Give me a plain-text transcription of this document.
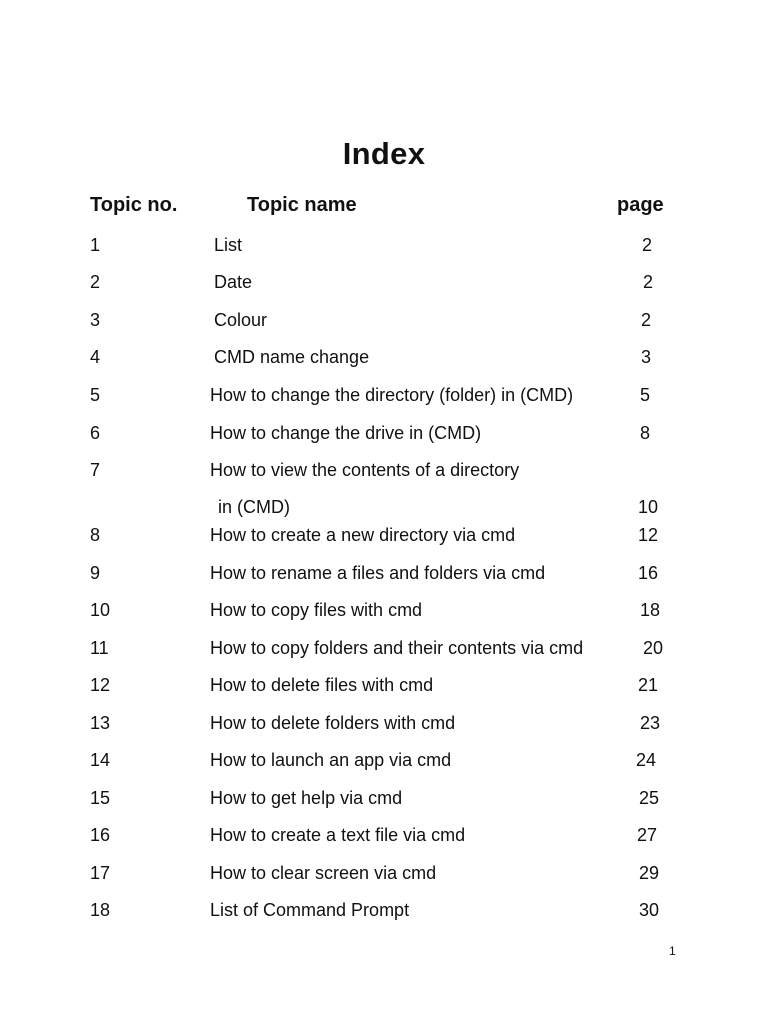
Index
Topic no.	Topic name	page
1	List	2
2	Date	2
3	Colour	2
4	CMD name change	3
5	How to change the directory (folder) in (CMD)	5
6	How to change the drive in (CMD)	8
7	How to view the contents of a directory
in (CMD)	10
8	How to create a new directory via cmd	12
9	How to rename a files and folders via cmd	16
10	How to copy files with cmd	18
11	How to copy folders and their contents via cmd	20
12	How to delete files with cmd	21
13	How to delete folders with cmd	23
14	How to launch an app via cmd	24
15	How to get help via cmd	25
16	How to create a text file via cmd	27
17	How to clear screen via cmd	29
18	List of Command Prompt	30
1
